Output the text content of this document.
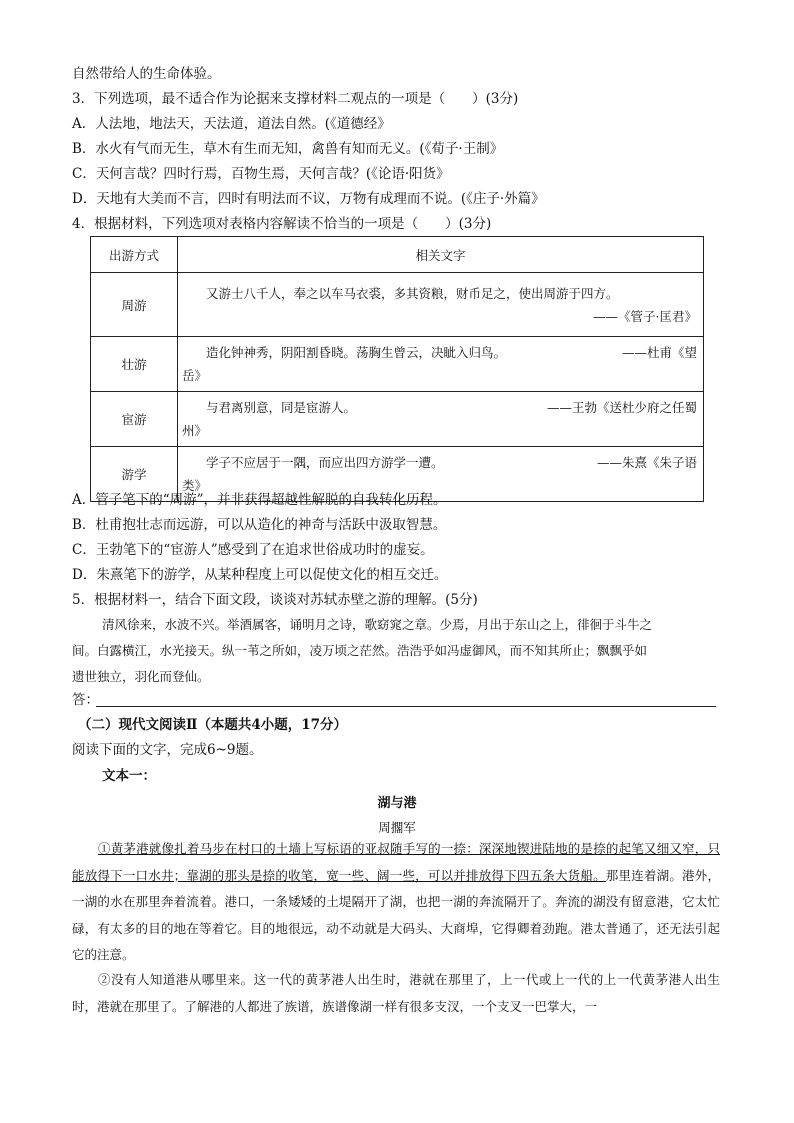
自然带给人的生命体验。
3．下列选项，最不适合作为论据来支撑材料二观点的一项是（　　）(3分)
A．人法地，地法天，天法道，道法自然。(《道德经》
B．水火有气而无生，草木有生而无知，禽兽有知而无义。(《荀子·王制》
C．天何言哉？四时行焉，百物生焉，天何言哉？(《论语·阳货》
D．天地有大美而不言，四时有明法而不议，万物有成理而不说。(《庄子·外篇》
4．根据材料，下列选项对表格内容解读不恰当的一项是（　　）(3分)
出游方式	相关文字
周游	又游士八千人，奉之以车马衣裘，多其资粮，财币足之，使出周游于四方。
——《管子·匡君》

壮游	造化钟神秀，阴阳割昏晓。荡胸生曾云，决眦入归鸟。 ——杜甫《望
岳》

宦游	与君离别意，同是宦游人。 ——王勃《送杜少府之任蜀
州》

游学	学子不应居于一隅，而应出四方游学一遭。 ——朱熹《朱子语
类》
A．管子笔下的“周游”，并非获得超越性解脱的自我转化历程。
B．杜甫抱壮志而远游，可以从造化的神奇与活跃中汲取智慧。
C．王勃笔下的“宦游人”感受到了在追求世俗成功时的虚妄。
D．朱熹笔下的游学，从某种程度上可以促使文化的相互交迁。
5．根据材料一，结合下面文段，谈谈对苏轼赤壁之游的理解。(5分)
清风徐来，水波不兴。举酒属客，诵明月之诗，歌窈窕之章。少焉，月出于东山之上，徘徊于斗牛之
间。白露横江，水光接天。纵一苇之所如，凌万顷之茫然。浩浩乎如冯虚御风，而不知其所止；飘飘乎如
遗世独立，羽化而登仙。
答：
（二）现代文阅读Ⅱ（本题共4小题，17分）
阅读下面的文字，完成6~9题。
文本一：
湖与港
周擱军
①黄茅港就像扎着马步在村口的土墙上写标语的亚叔随手写的一捺：深深地锲进陆地的是捺的起笔又细又窄，只能放得下一口水井；靠湖的那头是捺的收笔，宽一些、阔一些，可以并排放得下四五条大货船。那里连着湖。港外，一湖的水在那里奔着流着。港口，一条矮矮的土堤隔开了湖，也把一湖的奔流隔开了。奔流的湖没有留意港，它太忙碌，有太多的目的地在等着它。目的地很远，动不动就是大码头、大商埠，它得卿着劲跑。港太普通了，还无法引起它的注意。
②没有人知道港从哪里来。这一代的黄茅港人出生时，港就在那里了，上一代或上一代的上一代黄茅港人出生时，港就在那里了。了解港的人都进了族谱，族谱像湖一样有很多支汊，一个支叉一巴掌大，一
